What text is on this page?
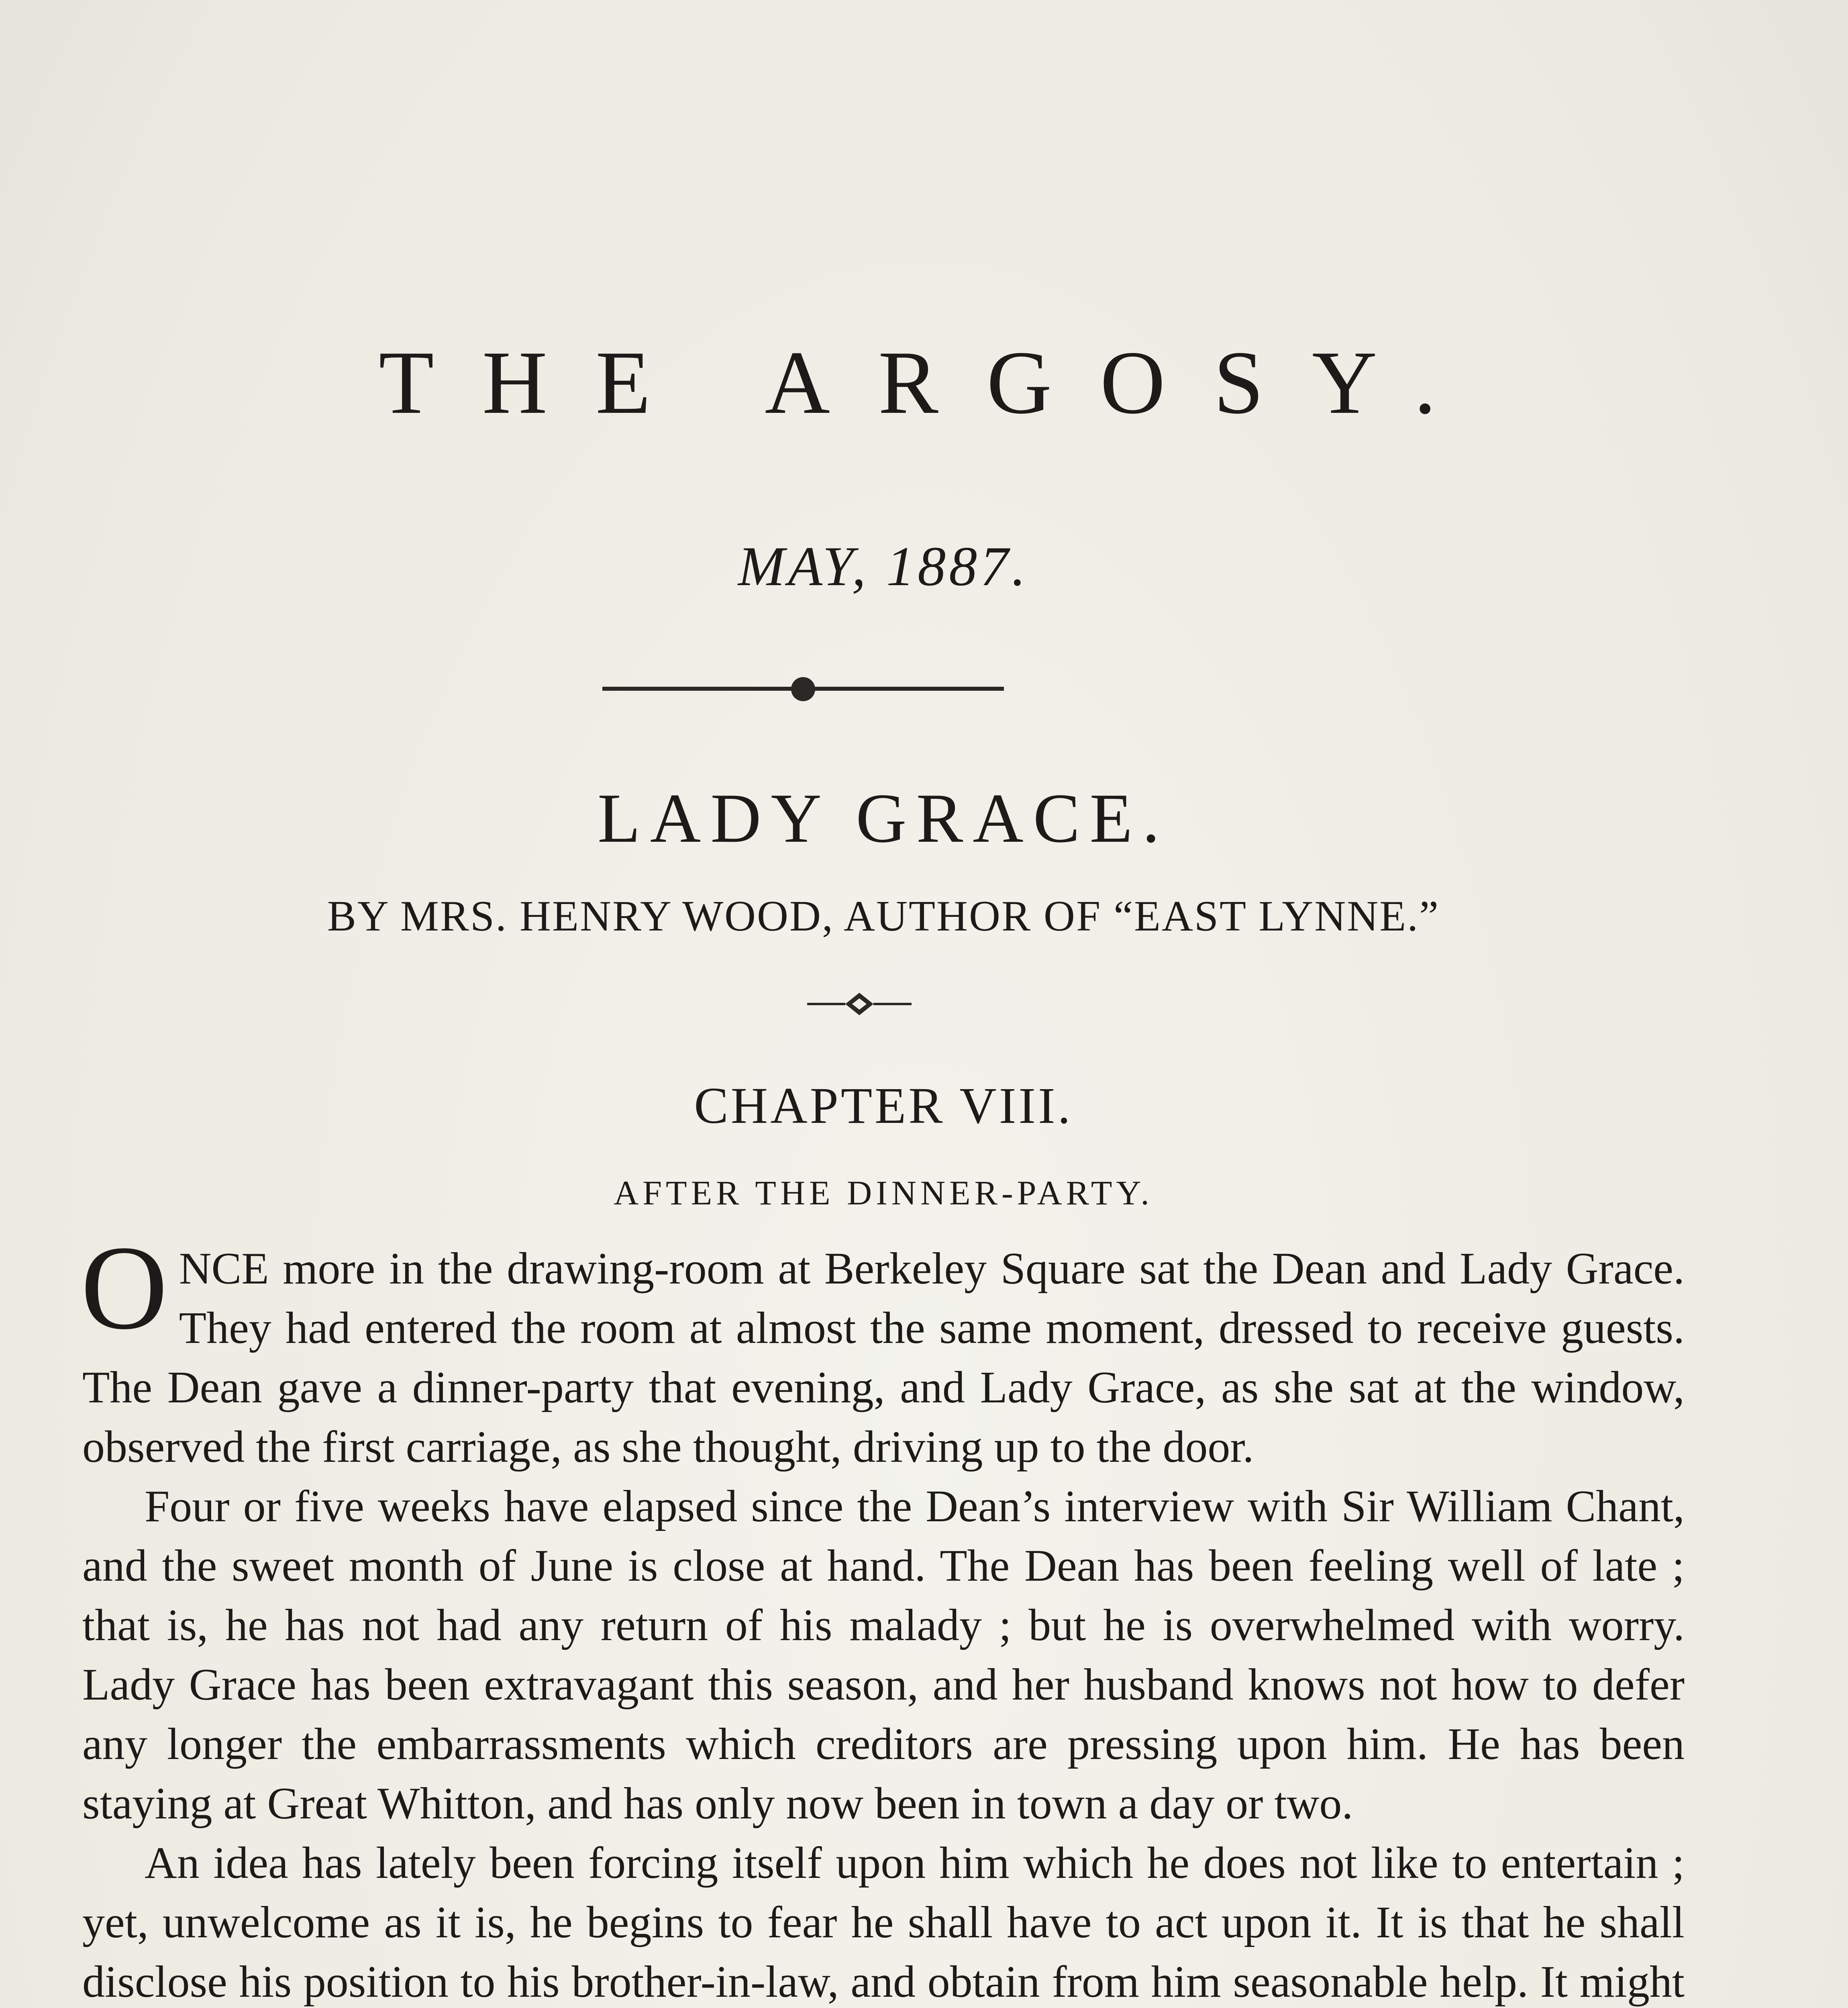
THE ARGOSY.
MAY, 1887.
LADY GRACE.
BY MRS. HENRY WOOD, AUTHOR OF “EAST LYNNE.”
CHAPTER VIII.
AFTER THE DINNER-PARTY.

ONCE more in the drawing-room at Berkeley Square sat the Dean and Lady Grace. They had entered the room at almost the same moment, dressed to receive guests. The Dean gave a dinner-party that evening, and Lady Grace, as she sat at the window, observed the first carriage, as she thought, driving up to the door.

Four or five weeks have elapsed since the Dean’s interview with Sir William Chant, and the sweet month of June is close at hand. The Dean has been feeling well of late ; that is, he has not had any return of his malady ; but he is overwhelmed with worry. Lady Grace has been extravagant this season, and her husband knows not how to defer any longer the embarrassments which creditors are pressing upon him. He has been staying at Great Whitton, and has only now been in town a day or two.

An idea has lately been forcing itself upon him which he does not like to entertain ; yet, unwelcome as it is, he begins to fear he shall have to act upon it. It is that he shall disclose his position to his brother-in-law, and obtain from him seasonable help. It might
